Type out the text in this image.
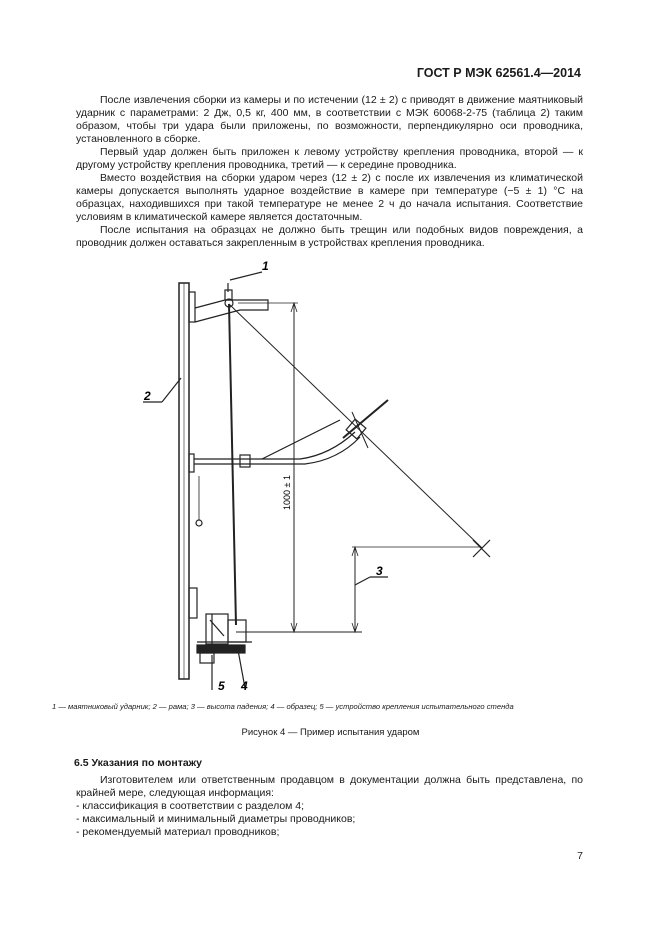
ГОСТ Р МЭК 62561.4—2014

После извлечения сборки из камеры и по истечении (12 ± 2) с приводят в движение маятниковый ударник с параметрами: 2 Дж, 0,5 кг, 400 мм, в соответствии с МЭК 60068-2-75 (таблица 2) таким образом, чтобы три удара были приложены, по возможности, перпендикулярно оси проводника, установленного в сборке.

Первый удар должен быть приложен к левому устройству крепления проводника, второй — к другому устройству крепления проводника, третий — к середине проводника.

Вместо воздействия на сборки ударом через (12 ± 2) с после их извлечения из климатической камеры допускается выполнять ударное воздействие в камере при температуре (−5 ± 1) °С на образцах, находившихся при такой температуре не менее 2 ч до начала испытания. Соответствие условиям в климатической камере является достаточным.

После испытания на образцах не должно быть трещин или подобных видов повреждения, а проводник должен оставаться закрепленным в устройствах крепления проводника.

1
2
3
4
5
1000 ± 1
1 — маятниковый ударник; 2 — рама; 3 — высота падения; 4 — образец; 5 — устройство крепления испытательного стенда
Рисунок 4 — Пример испытания ударом
6.5 Указания по монтажу

Изготовителем или ответственным продавцом в документации должна быть представлена, по крайней мере, следующая информация:

- классификация в соответствии с разделом 4;
- максимальный и минимальный диаметры проводников;
- рекомендуемый материал проводников;
7
